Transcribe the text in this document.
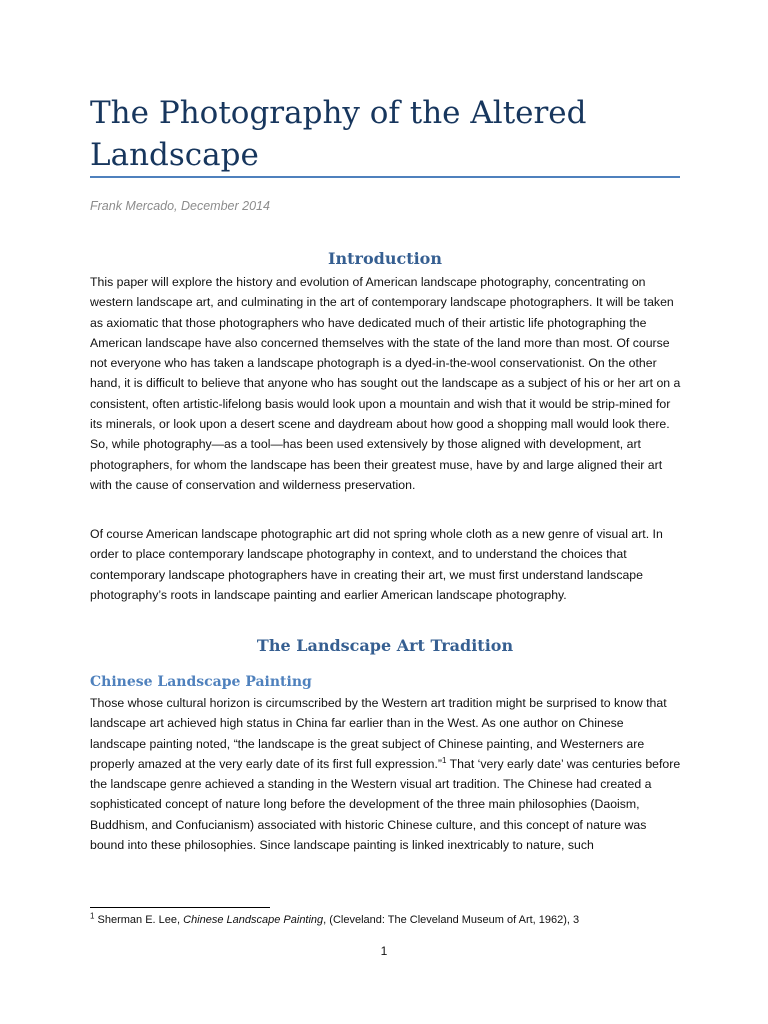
The Photography of the Altered Landscape
Frank Mercado, December 2014
Introduction

This paper will explore the history and evolution of American landscape photography, concentrating on western landscape art, and culminating in the art of contemporary landscape photographers. It will be taken as axiomatic that those photographers who have dedicated much of their artistic life photographing the American landscape have also concerned themselves with the state of the land more than most. Of course not everyone who has taken a landscape photograph is a dyed-in-the-wool conservationist. On the other hand, it is difficult to believe that anyone who has sought out the landscape as a subject of his or her art on a consistent, often artistic-lifelong basis would look upon a mountain and wish that it would be strip-mined for its minerals, or look upon a desert scene and daydream about how good a shopping mall would look there. So, while photography—as a tool—has been used extensively by those aligned with development, art photographers, for whom the landscape has been their greatest muse, have by and large aligned their art with the cause of conservation and wilderness preservation.

Of course American landscape photographic art did not spring whole cloth as a new genre of visual art. In order to place contemporary landscape photography in context, and to understand the choices that contemporary landscape photographers have in creating their art, we must first understand landscape photography’s roots in landscape painting and earlier American landscape photography.

The Landscape Art Tradition
Chinese Landscape Painting

Those whose cultural horizon is circumscribed by the Western art tradition might be surprised to know that landscape art achieved high status in China far earlier than in the West. As one author on Chinese landscape painting noted, “the landscape is the great subject of Chinese painting, and Westerners are properly amazed at the very early date of its first full expression.”$^1$ That ‘very early date’ was centuries before the landscape genre achieved a standing in the Western visual art tradition. The Chinese had created a sophisticated concept of nature long before the development of the three main philosophies (Daoism, Buddhism, and Confucianism) associated with historic Chinese culture, and this concept of nature was bound into these philosophies. Since landscape painting is linked inextricably to nature, such

$^1$ Sherman E. Lee, Chinese Landscape Painting, (Cleveland: The Cleveland Museum of Art, 1962), 3
1
